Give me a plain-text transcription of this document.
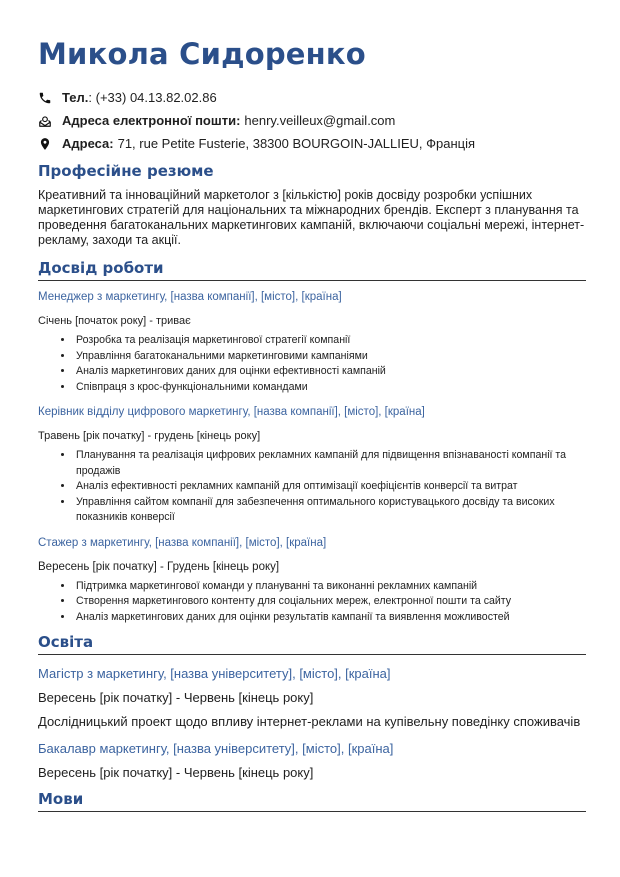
Микола Сидоренко
Тел. : (+33) 04.13.82.02.86
Адреса електронної пошти: henry.veilleux@gmail.com
Адреса: 71, rue Petite Fusterie, 38300 BOURGOIN-JALLIEU, Франція
Професійне резюме

Креативний та інноваційний маркетолог з [кількістю] років досвіду розробки успішних маркетингових стратегій для національних та міжнародних брендів. Експерт з планування та проведення багатоканальних маркетингових кампаній, включаючи соціальні мережі, інтернет-рекламу, заходи та акції.

Досвід роботи

Менеджер з маркетингу, [назва компанії], [місто], [країна]

Січень [початок року] - триває

• Розробка та реалізація маркетингової стратегії компанії
• Управління багатоканальними маркетинговими кампаніями
• Аналіз маркетингових даних для оцінки ефективності кампаній
• Співпраця з крос-функціональними командами

Керівник відділу цифрового маркетингу, [назва компанії], [місто], [країна]

Травень [рік початку] - грудень [кінець року]

• Планування та реалізація цифрових рекламних кампаній для підвищення впізнаваності компанії та продажів
• Аналіз ефективності рекламних кампаній для оптимізації коефіцієнтів конверсії та витрат
• Управління сайтом компанії для забезпечення оптимального користувацького досвіду та високих показників конверсії

Стажер з маркетингу, [назва компанії], [місто], [країна]

Вересень [рік початку] - Грудень [кінець року]

• Підтримка маркетингової команди у плануванні та виконанні рекламних кампаній
• Створення маркетингового контенту для соціальних мереж, електронної пошти та сайту
• Аналіз маркетингових даних для оцінки результатів кампанії та виявлення можливостей
Освіта

Магістр з маркетингу, [назва університету], [місто], [країна]

Вересень [рік початку] - Червень [кінець року]

Дослідницький проект щодо впливу інтернет-реклами на купівельну поведінку споживачів

Бакалавр маркетингу, [назва університету], [місто], [країна]

Вересень [рік початку] - Червень [кінець року]

Мови
